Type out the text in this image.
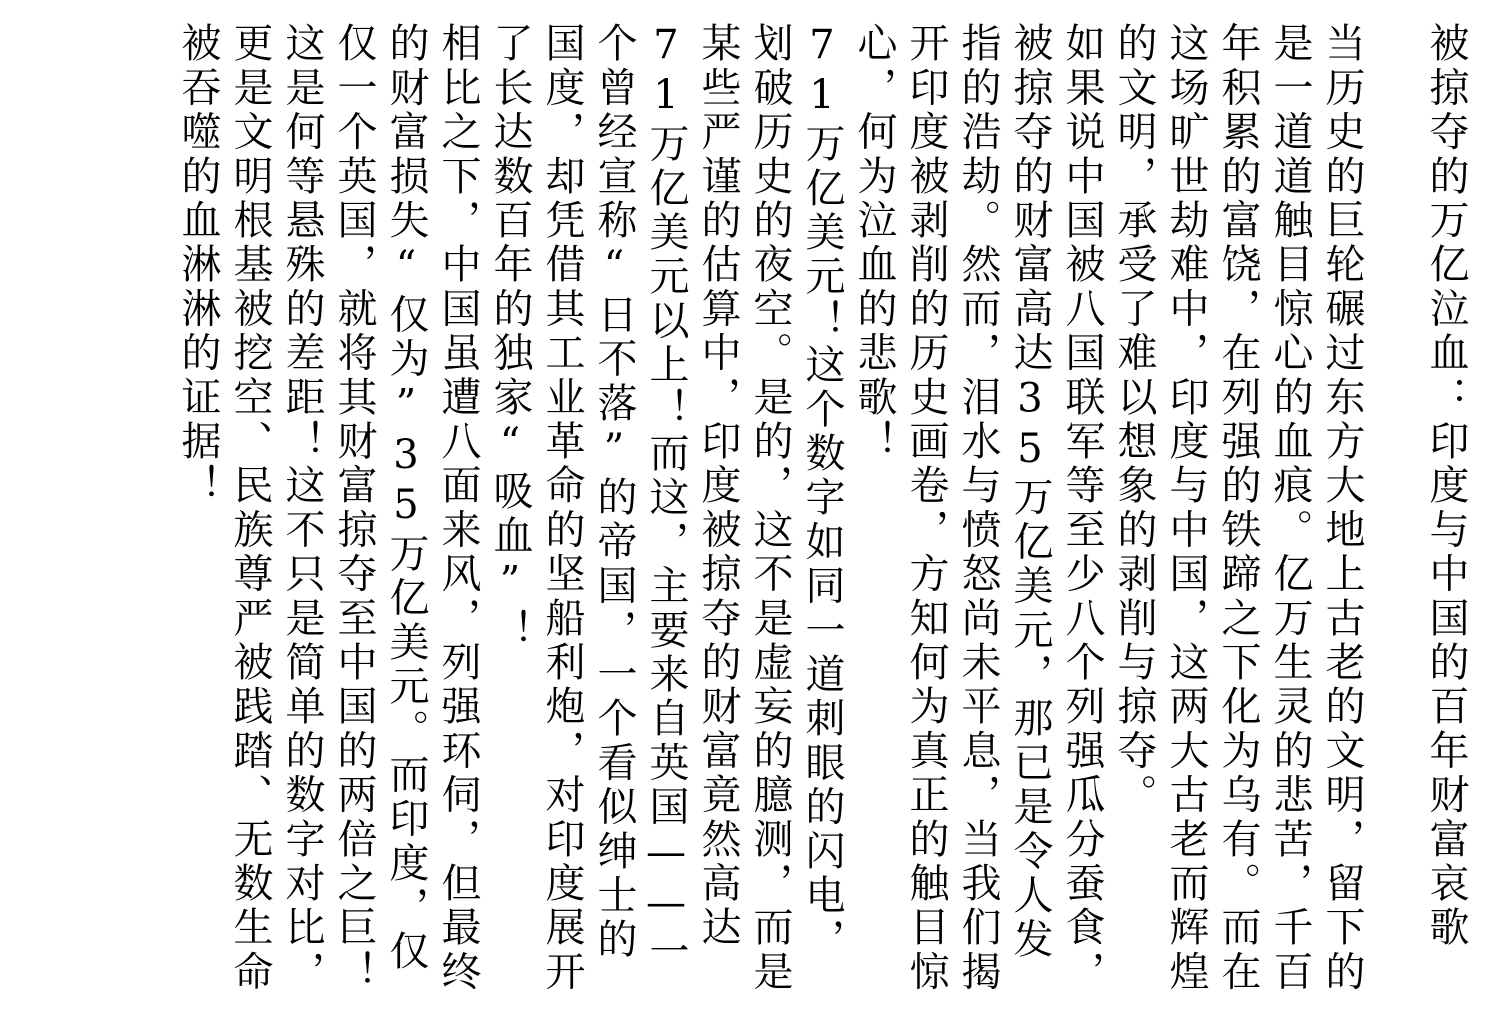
被掠夺的万亿泣血：印度与中国的百年财富哀歌

当历史的巨轮碾过东方大地上古老的文明，留下的是一道道触目惊心的血痕。亿万生灵的悲苦，千百年积累的富饶，在列强的铁蹄之下化为乌有。而在这场旷世劫难中，印度与中国，这两大古老而辉煌的文明，承受了难以想象的剥削与掠夺。

如果说中国被八国联军等至少八个列强瓜分蚕食，被掠夺的财富高达35万亿美元，那已是令人发指的浩劫。然而，泪水与愤怒尚未平息，当我们揭开印度被剥削的历史画卷，方知何为真正的触目惊心，何为泣血的悲歌！

71万亿美元！这个数字如同一道刺眼的闪电，划破历史的夜空。是的，这不是虚妄的臆测，而是某些严谨的估算中，印度被掠夺的财富竟然高达71万亿美元以上！而这，主要来自英国——一个曾经宣称“日不落”的帝国，一个看似绅士的国度，却凭借其工业革命的坚船利炮，对印度展开了长达数百年的独家“吸血”！

相比之下，中国虽遭八面来风，列强环伺，但最终的财富损失“仅为”35万亿美元。而印度，仅仅一个英国，就将其财富掠夺至中国的两倍之巨！这是何等悬殊的差距！这不只是简单的数字对比，更是文明根基被挖空、民族尊严被践踏、无数生命被吞噬的血淋淋的证据！
